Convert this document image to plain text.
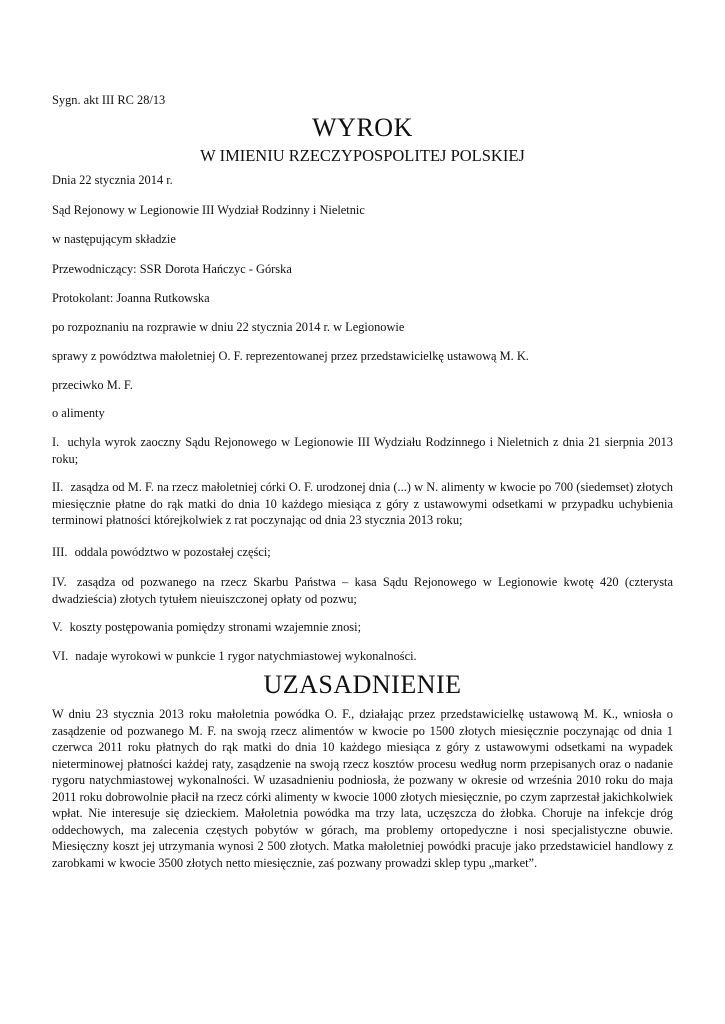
Sygn. akt III RC 28/13
WYROK
W IMIENIU RZECZYPOSPOLITEJ POLSKIEJ
Dnia 22 stycznia 2014 r.
Sąd Rejonowy w Legionowie III Wydział Rodzinny i Nieletnic
w następującym składzie
Przewodniczący: SSR Dorota Hańczyc - Górska
Protokolant: Joanna Rutkowska
po rozpoznaniu na rozprawie w dniu 22 stycznia 2014 r. w Legionowie
sprawy z powództwa małoletniej O. F. reprezentowanej przez przedstawicielkę ustawową M. K.
przeciwko M. F.
o alimenty
I. uchyla wyrok zaoczny Sądu Rejonowego w Legionowie III Wydziału Rodzinnego i Nieletnich z dnia 21 sierpnia 2013 roku;
II. zasądza od M. F. na rzecz małoletniej córki O. F. urodzonej dnia (...) w N. alimenty w kwocie po 700 (siedemset) złotych miesięcznie płatne do rąk matki do dnia 10 każdego miesiąca z góry z ustawowymi odsetkami w przypadku uchybienia terminowi płatności którejkolwiek z rat poczynając od dnia 23 stycznia 2013 roku;
III. oddala powództwo w pozostałej części;
IV. zasądza od pozwanego na rzecz Skarbu Państwa – kasa Sądu Rejonowego w Legionowie kwotę 420 (czterysta dwadzieścia) złotych tytułem nieuiszczonej opłaty od pozwu;
V. koszty postępowania pomiędzy stronami wzajemnie znosi;
VI. nadaje wyrokowi w punkcie 1 rygor natychmiastowej wykonalności.
UZASADNIENIE
W dniu 23 stycznia 2013 roku małoletnia powódka O. F., działając przez przedstawicielkę ustawową M. K., wniosła o zasądzenie od pozwanego M. F. na swoją rzecz alimentów w kwocie po 1500 złotych miesięcznie poczynając od dnia 1 czerwca 2011 roku płatnych do rąk matki do dnia 10 każdego miesiąca z góry z ustawowymi odsetkami na wypadek nieterminowej płatności każdej raty, zasądzenie na swoją rzecz kosztów procesu według norm przepisanych oraz o nadanie rygoru natychmiastowej wykonalności. W uzasadnieniu podniosła, że pozwany w okresie od września 2010 roku do maja 2011 roku dobrowolnie płacił na rzecz córki alimenty w kwocie 1000 złotych miesięcznie, po czym zaprzestał jakichkolwiek wpłat. Nie interesuje się dzieckiem. Małoletnia powódka ma trzy lata, uczęszcza do żłobka. Choruje na infekcje dróg oddechowych, ma zalecenia częstych pobytów w górach, ma problemy ortopedyczne i nosi specjalistyczne obuwie. Miesięczny koszt jej utrzymania wynosi 2 500 złotych. Matka małoletniej powódki pracuje jako przedstawiciel handlowy z zarobkami w kwocie 3500 złotych netto miesięcznie, zaś pozwany prowadzi sklep typu „market”.
